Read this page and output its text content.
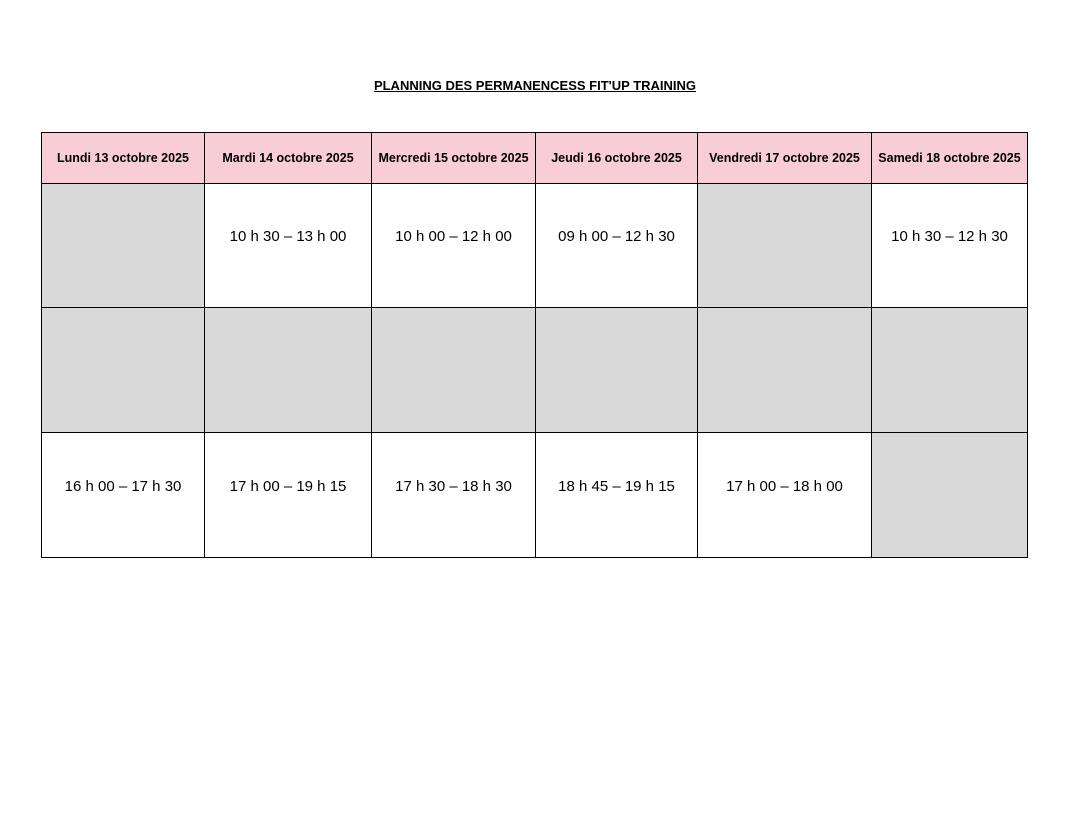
PLANNING DES PERMANENCESS FIT'UP TRAINING
Lundi 13 octobre 2025	Mardi 14 octobre 2025	Mercredi 15 octobre 2025	Jeudi 16 octobre 2025	Vendredi 17 octobre 2025	Samedi 18 octobre 2025
	10 h 30 – 13 h 00	10 h 00 – 12 h 00	09 h 00 – 12 h 30		10 h 30 – 12 h 30

16 h 00 – 17 h 30	17 h 00 – 19 h 15	17 h 30 – 18 h 30	18 h 45 – 19 h 15	17 h 00 – 18 h 00	
